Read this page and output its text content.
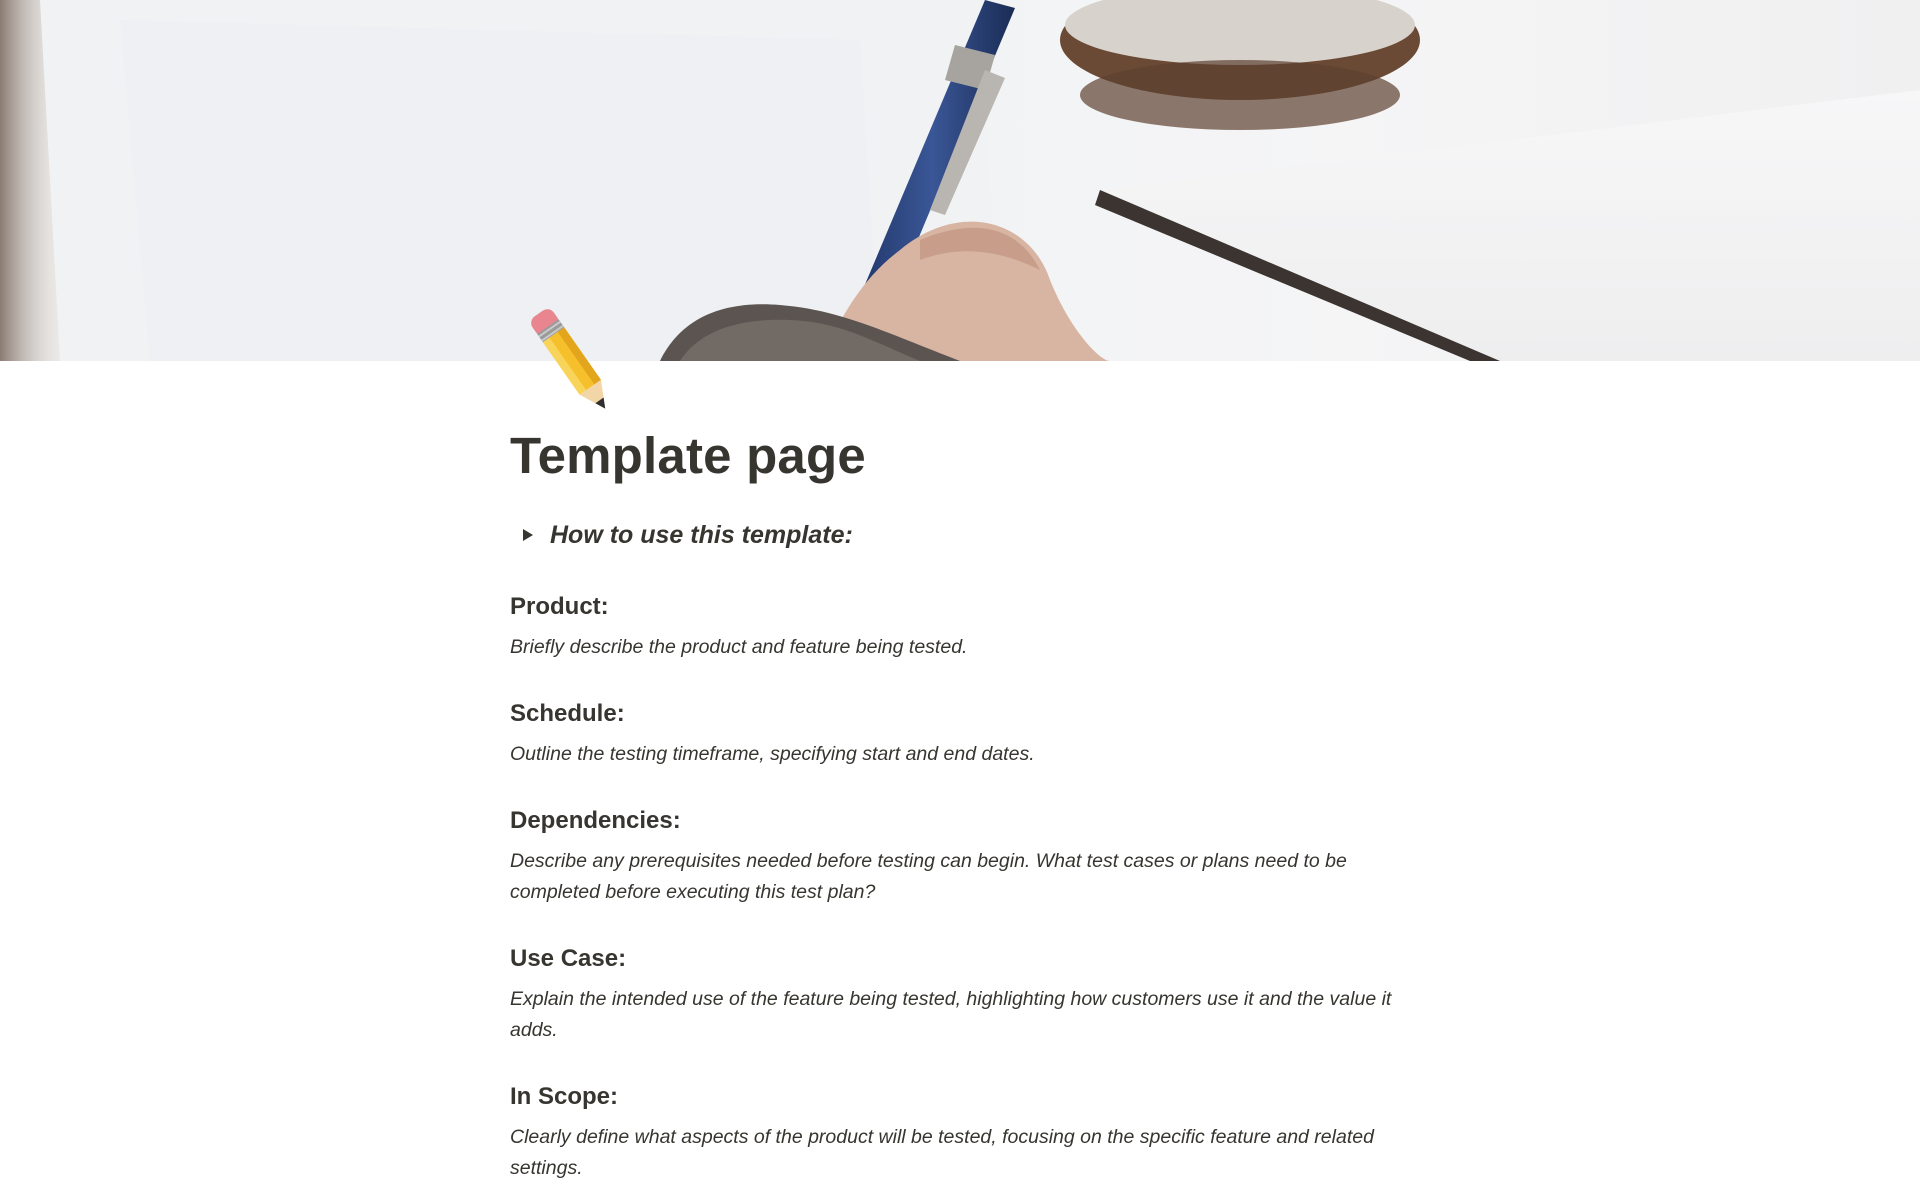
Template page
How to use this template:
Product:

Briefly describe the product and feature being tested.

Schedule:

Outline the testing timeframe, specifying start and end dates.

Dependencies:

Describe any prerequisites needed before testing can begin. What test cases or plans need to be completed before executing this test plan?

Use Case:

Explain the intended use of the feature being tested, highlighting how customers use it and the value it adds.

In Scope:

Clearly define what aspects of the product will be tested, focusing on the specific feature and related settings.
